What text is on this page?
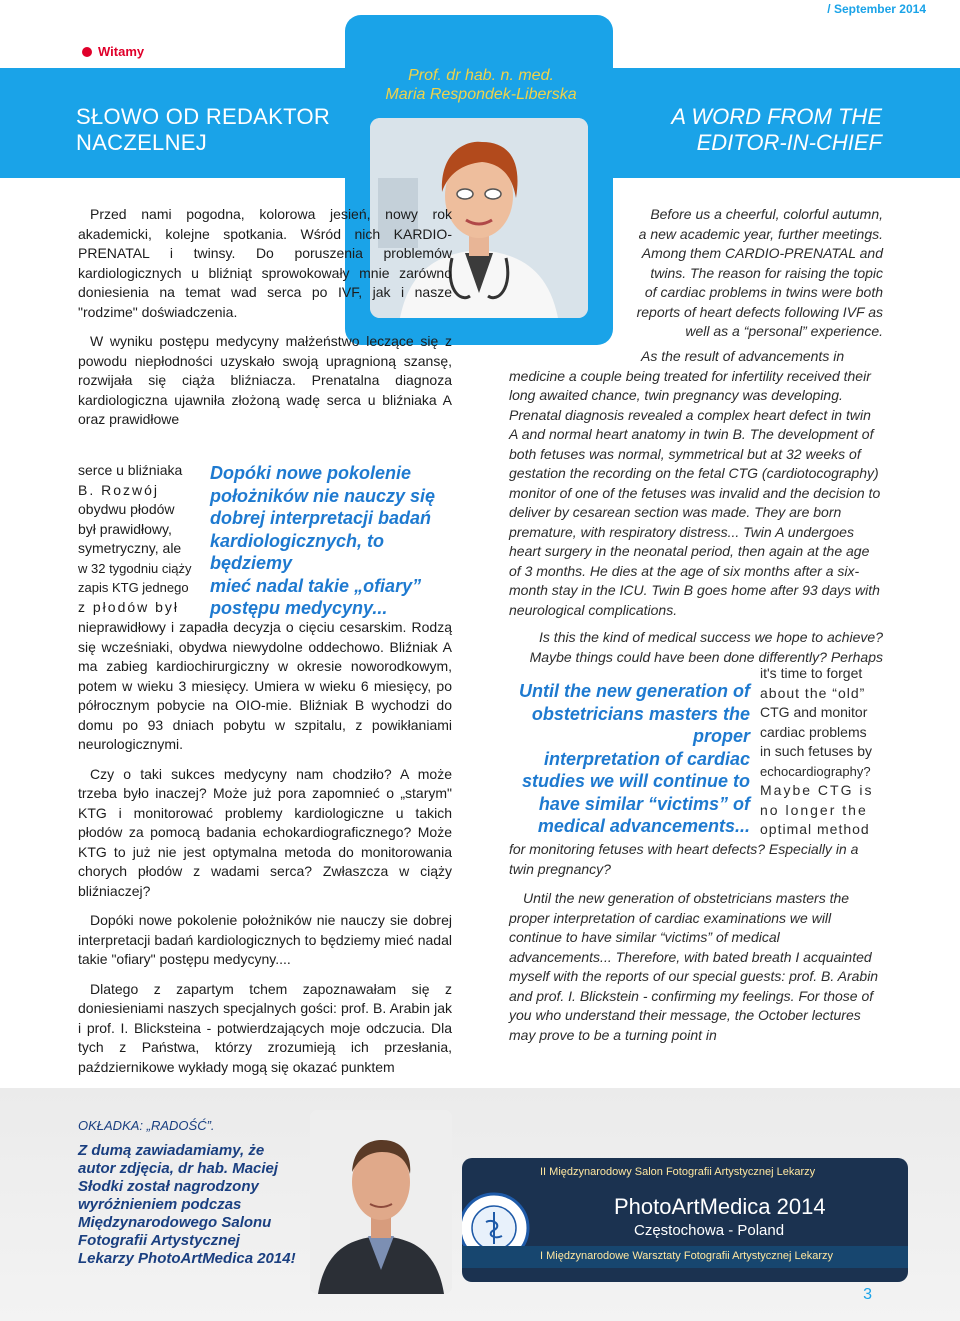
/ September 2014
Witamy
SŁOWO OD REDAKTOR
NACZELNEJ
A WORD FROM THE
EDITOR-IN-CHIEF
Prof. dr hab. n. med.
Maria Respondek-Liberska

Przed nami pogodna, kolorowa jesień, nowy rok akademicki, kolejne spotkania. Wśród nich KARDIO-PRENATAL i twinsy. Do poruszenia problemów kardiologicznych u bliźniąt sprowokowały mnie zarówno doniesienia na temat wad serca po IVF, jak i nasze "rodzime" doświadczenia.

W wyniku postępu medycyny małżeństwo leczące się z powodu niepłodności uzyskało swoją upragnioną szansę, rozwijała się ciąża bliźniacza. Prenatalna diagnoza kardiologiczna ujawniła złożoną wadę serca u bliźniaka A oraz prawidłowe

serce u bliźniaka
B. Rozwój
obydwu płodów
był prawidłowy,
symetryczny, ale
w 32 tygodniu ciąży
zapis KTG jednego
z płodów był
Dopóki nowe pokolenie
położników nie nauczy się
dobrej interpretacji badań
kardiologicznych, to będziemy
mieć nadal takie „ofiary”
postępu medycyny...

nieprawidłowy i zapadła decyzja o cięciu cesarskim. Rodzą się wcześniaki, obydwa niewydolne oddechowo. Bliźniak A ma zabieg kardiochirurgiczny w okresie noworodkowym, potem w wieku 3 miesięcy. Umiera w wieku 6 miesięcy, po półrocznym pobycie na OIO-mie. Bliźniak B wychodzi do domu po 93 dniach pobytu w szpitalu, z powikłaniami neurologicznymi.

Czy o taki sukces medycyny nam chodziło? A może trzeba było inaczej? Może już pora zapomnieć o „starym" KTG i monitorować problemy kardiologiczne u takich płodów za pomocą badania echokardiograficznego? Może KTG to już nie jest optymalna metoda do monitorowania chorych płodów z wadami serca? Zwłaszcza w ciąży bliźniaczej?

Dopóki nowe pokolenie położników nie nauczy sie dobrej interpretacji badań kardiologicznych to będziemy mieć nadal takie "ofiary" postępu medycyny....

Dlatego z zapartym tchem zapoznawałam się z doniesieniami naszych specjalnych gości: prof. B. Arabin jak i prof. I. Blicksteina - potwierdzających moje odczucia. Dla tych z Państwa, którzy zrozumieją ich przesłania, październikowe wykłady mogą się okazać punktem

Before us a cheerful, colorful autumn,
a new academic year, further meetings.
Among them CARDIO-PRENATAL and
twins. The reason for raising the topic
of cardiac problems in twins were both
reports of heart defects following IVF as
well as a “personal” experience.

As the result of advancements in medicine a couple being treated for infertility received their long awaited chance, twin pregnancy was developing. Prenatal diagnosis revealed a complex heart defect in twin A and normal heart anatomy in twin B. The development of both fetuses was normal, symmetrical but at 32 weeks of gestation the recording on the fetal CTG (cardiotocography) monitor of one of the fetuses was invalid and the decision to deliver by cesarean section was made. They are born premature, with respiratory distress... Twin A undergoes heart surgery in the neonatal period, then again at the age of 3 months. He dies at the age of six months after a six-month stay in the ICU. Twin B goes home after 93 days with neurological complications.

Is this the kind of medical success we hope to achieve?
Maybe things could have been done differently? Perhaps
it's time to forget
about the “old”
CTG and monitor
cardiac problems
in such fetuses by
echocardiography?
Maybe CTG is
no longer the
optimal method
Until the new generation of
obstetricians masters the proper
interpretation of cardiac
studies we will continue to
have similar “victims” of
medical advancements...

for monitoring fetuses with heart defects? Especially in a twin pregnancy?

Until the new generation of obstetricians masters the proper interpretation of cardiac examinations we will continue to have similar “victims” of medical advancements... Therefore, with bated breath I acquainted myself with the reports of our special guests: prof. B. Arabin and prof. I. Blickstein - confirming my feelings. For those of you who understand their message, the October lectures may prove to be a turning point in

OKŁADKA: „RADOŚĆ”.
Z dumą zawiadamiamy, że autor zdjęcia, dr hab. Maciej Słodki został nagrodzony wyróżnieniem podczas Międzynarodowego Salonu Fotografii Artystycznej Lekarzy PhotoArtMedica 2014!
II Międzynarodowy Salon Fotografii Artystycznej Lekarzy
PhotoArtMedica 2014
Częstochowa - Poland
I Międzynarodowe Warsztaty Fotografii Artystycznej Lekarzy
3
